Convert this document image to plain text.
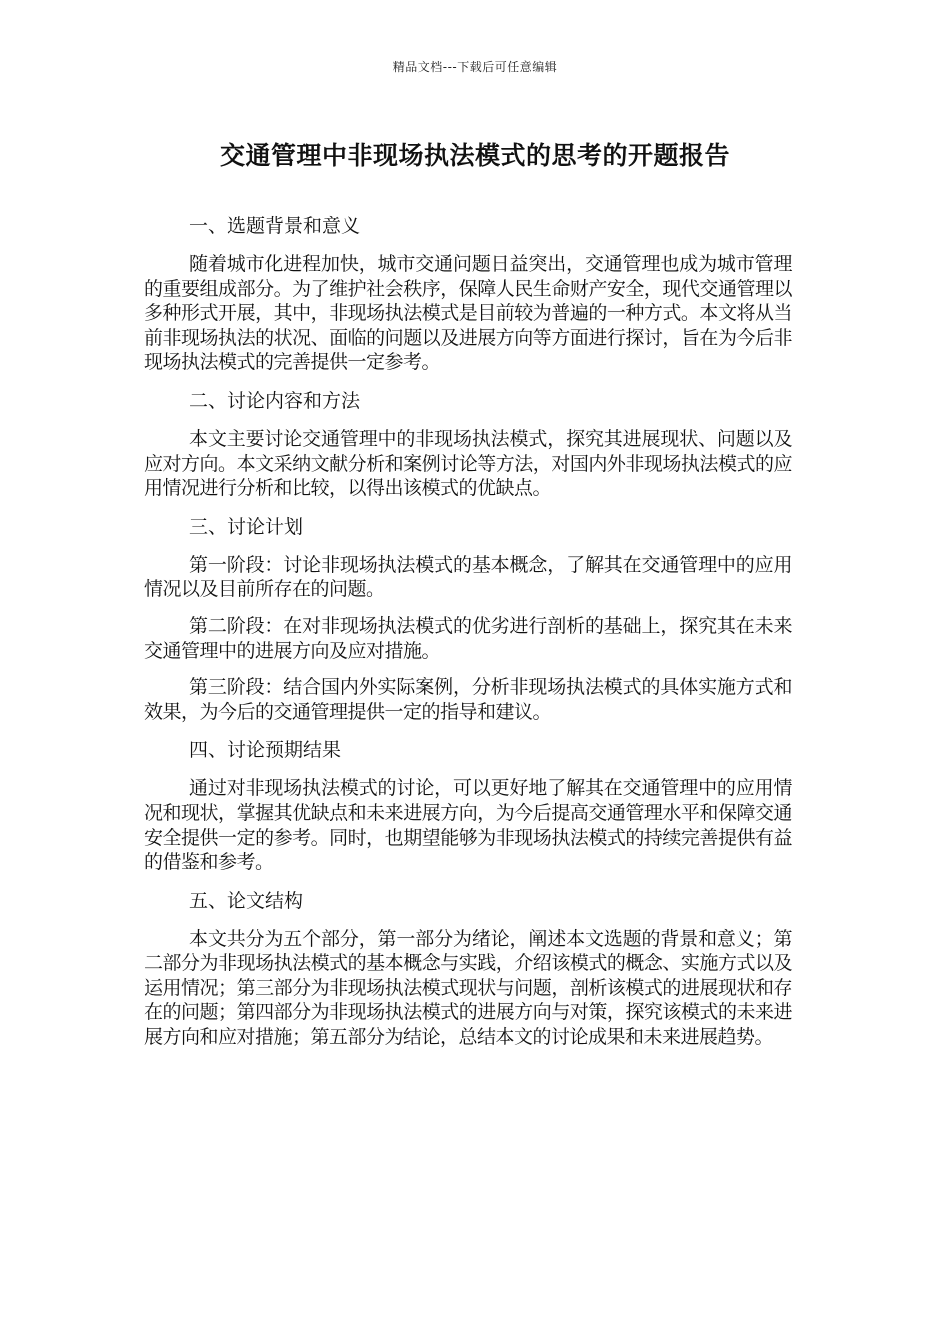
精品文档---下载后可任意编辑
交通管理中非现场执法模式的思考的开题报告
一、选题背景和意义
随着城市化进程加快，城市交通问题日益突出，交通管理也成为城市管理的重要组成部分。为了维护社会秩序，保障人民生命财产安全，现代交通管理以多种形式开展，其中，非现场执法模式是目前较为普遍的一种方式。本文将从当前非现场执法的状况、面临的问题以及进展方向等方面进行探讨，旨在为今后非现场执法模式的完善提供一定参考。
二、讨论内容和方法
本文主要讨论交通管理中的非现场执法模式，探究其进展现状、问题以及应对方向。本文采纳文献分析和案例讨论等方法，对国内外非现场执法模式的应用情况进行分析和比较，以得出该模式的优缺点。
三、讨论计划
第一阶段：讨论非现场执法模式的基本概念，了解其在交通管理中的应用情况以及目前所存在的问题。
第二阶段：在对非现场执法模式的优劣进行剖析的基础上，探究其在未来交通管理中的进展方向及应对措施。
第三阶段：结合国内外实际案例，分析非现场执法模式的具体实施方式和效果，为今后的交通管理提供一定的指导和建议。
四、讨论预期结果
通过对非现场执法模式的讨论，可以更好地了解其在交通管理中的应用情况和现状，掌握其优缺点和未来进展方向，为今后提高交通管理水平和保障交通安全提供一定的参考。同时，也期望能够为非现场执法模式的持续完善提供有益的借鉴和参考。
五、论文结构
本文共分为五个部分，第一部分为绪论，阐述本文选题的背景和意义；第二部分为非现场执法模式的基本概念与实践，介绍该模式的概念、实施方式以及运用情况；第三部分为非现场执法模式现状与问题，剖析该模式的进展现状和存在的问题；第四部分为非现场执法模式的进展方向与对策，探究该模式的未来进展方向和应对措施；第五部分为结论，总结本文的讨论成果和未来进展趋势。
